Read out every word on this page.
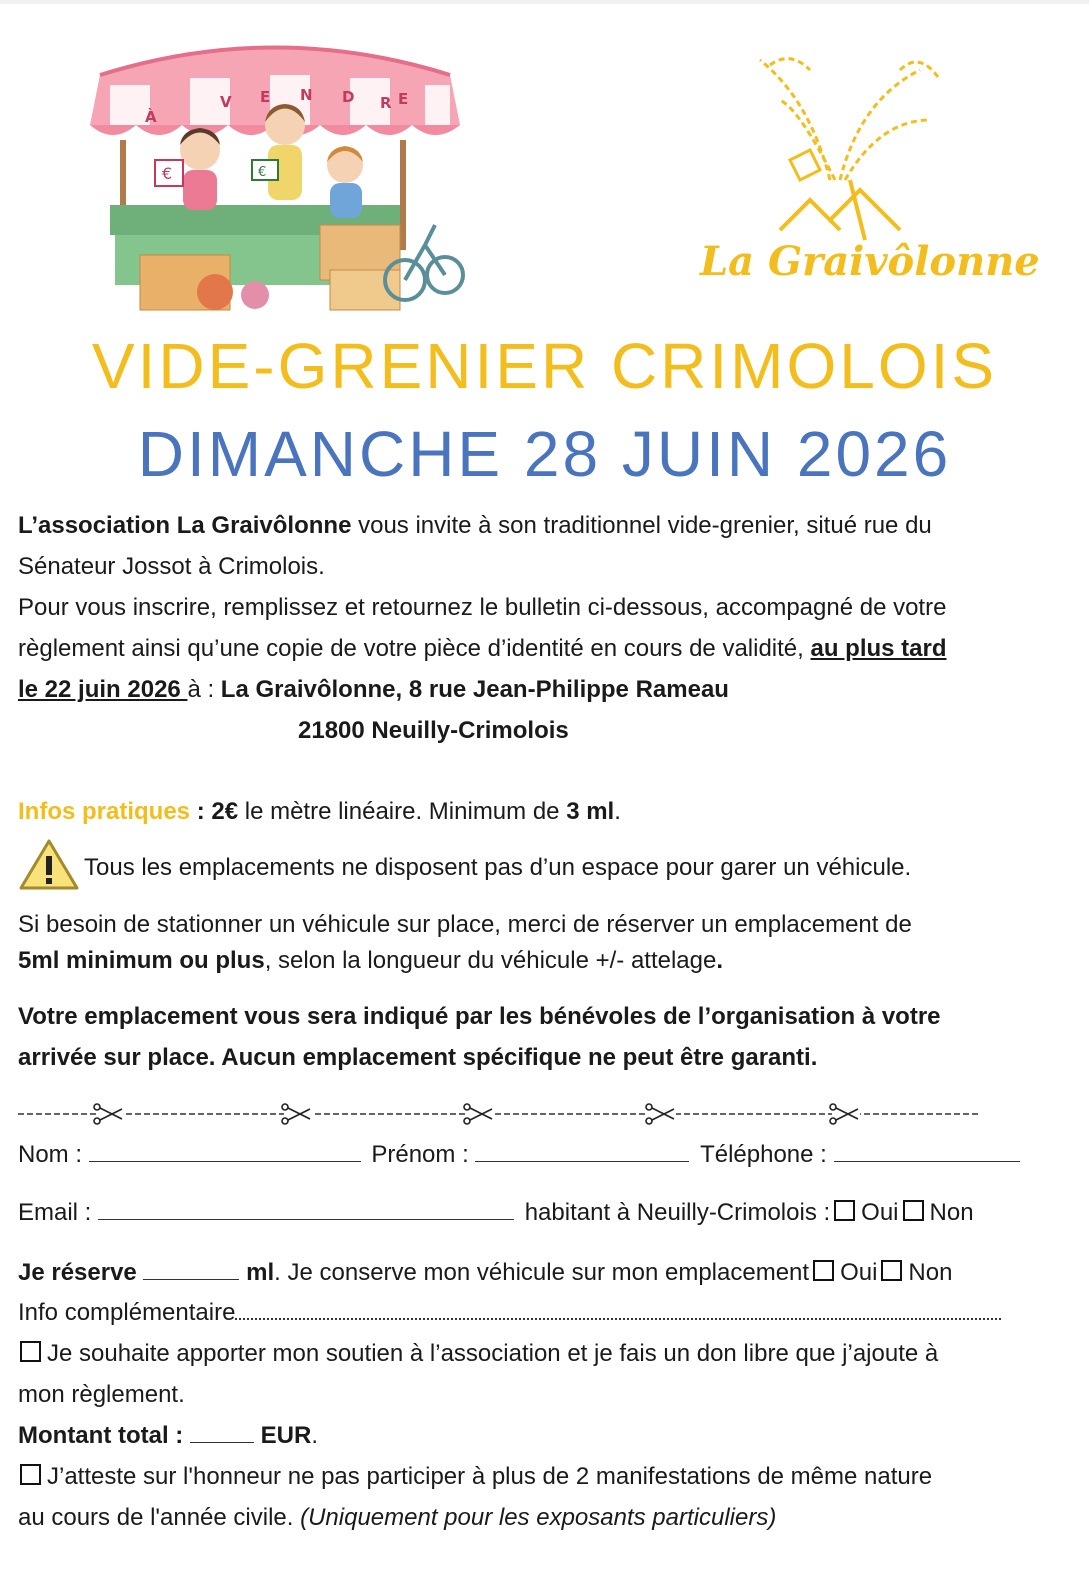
À
V E N D R E
€	€
La Graivôlonne
VIDE-GRENIER CRIMOLOIS
DIMANCHE 28 JUIN 2026
L’association La Graivôlonne vous invite à son traditionnel vide-grenier, situé rue du
Sénateur Jossot à Crimolois.
Pour vous inscrire, remplissez et retournez le bulletin ci-dessous, accompagné de votre
règlement ainsi qu’une copie de votre pièce d’identité en cours de validité, au plus tard
le 22 juin 2026 à : La Graivôlonne, 8 rue Jean-Philippe Rameau
21800 Neuilly-Crimolois
Infos pratiques : 2€ le mètre linéaire. Minimum de 3 ml.
Tous les emplacements ne disposent pas d’un espace pour garer un véhicule.
Si besoin de stationner un véhicule sur place, merci de réserver un emplacement de
5ml minimum ou plus, selon la longueur du véhicule +/- attelage.
Votre emplacement vous sera indiqué par les bénévoles de l’organisation à votre
arrivée sur place. Aucun emplacement spécifique ne peut être garanti.
Nom :	Prénom :	Téléphone :
Email :	habitant à Neuilly-Crimolois : Oui Non
Je réserve	ml. Je conserve mon véhicule sur mon emplacement Oui Non
Info complémentaire
Je souhaite apporter mon soutien à l’association et je fais un don libre que j’ajoute à
mon règlement.
Montant total :	EUR.
J’atteste sur l'honneur ne pas participer à plus de 2 manifestations de même nature
au cours de l'année civile. (Uniquement pour les exposants particuliers)
